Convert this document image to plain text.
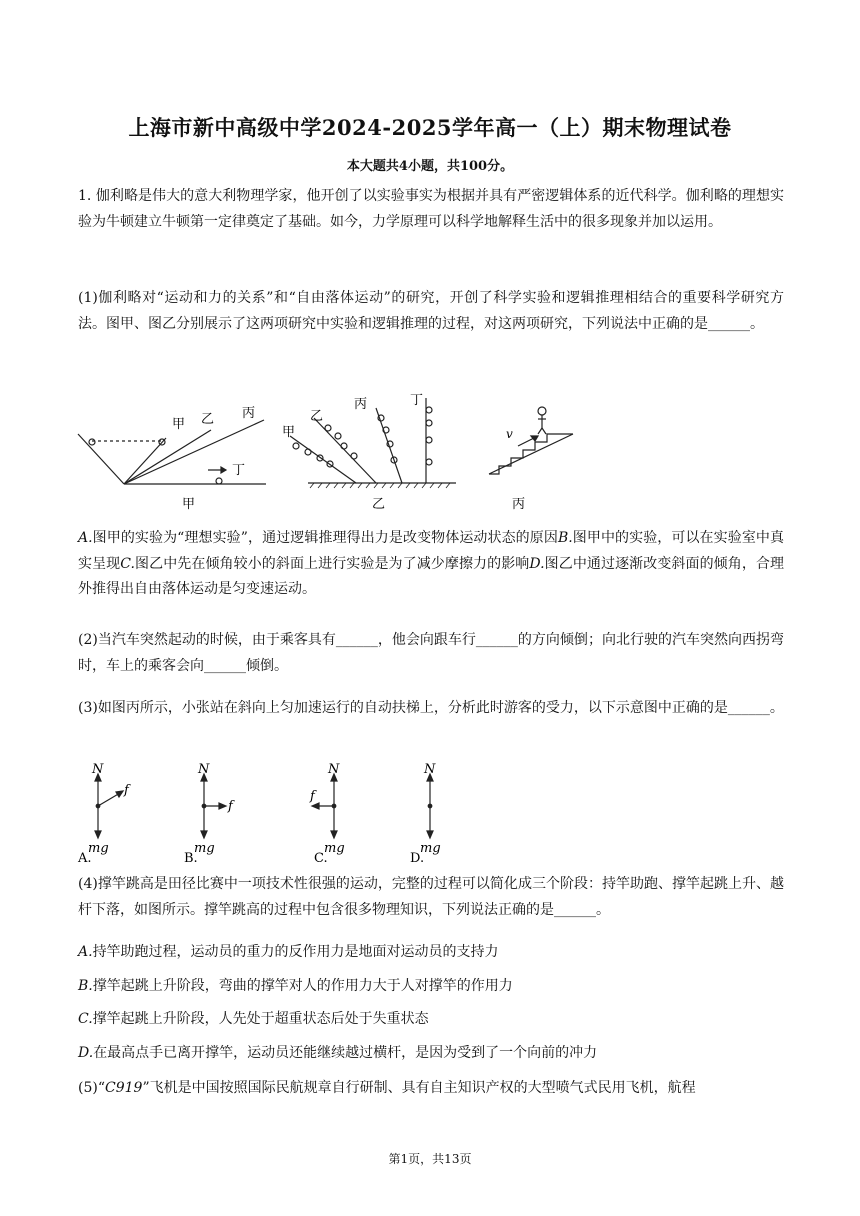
上海市新中高级中学2024-2025学年高一（上）期末物理试卷
本大题共4小题，共100分。

1. 伽利略是伟大的意大利物理学家，他开创了以实验事实为根据并具有严密逻辑体系的近代科学。伽利略的理想实验为牛顿建立牛顿第一定律奠定了基础。如今，力学原理可以科学地解释生活中的很多现象并加以运用。

(1)伽利略对“运动和力的关系”和“自由落体运动”的研究，开创了科学实验和逻辑推理相结合的重要科学研究方法。图甲、图乙分别展示了这两项研究中实验和逻辑推理的过程，对这两项研究，下列说法中正确的是______。

甲 乙 丙
丁
甲
甲
乙
丙	丁
乙
v
丙

A.图甲的实验为“理想实验”，通过逻辑推理得出力是改变物体运动状态的原因B.图甲中的实验，可以在实验室中真实呈现C.图乙中先在倾角较小的斜面上进行实验是为了减少摩擦力的影响D.图乙中通过逐渐改变斜面的倾角，合理外推得出自由落体运动是匀变速运动。

(2)当汽车突然起动的时候，由于乘客具有______，他会向跟车行______的方向倾倒；向北行驶的汽车突然向西拐弯时，车上的乘客会向______倾倒。

(3)如图丙所示，小张站在斜向上匀加速运行的自动扶梯上，分析此时游客的受力，以下示意图中正确的是______。

N
f
mg
A.
N
f
mg
B.
N
f
mg
C.
N
mg
D.

(4)撑竿跳高是田径比赛中一项技术性很强的运动，完整的过程可以简化成三个阶段：持竿助跑、撑竿起跳上升、越杆下落，如图所示。撑竿跳高的过程中包含很多物理知识，下列说法正确的是______。

A.持竿助跑过程，运动员的重力的反作用力是地面对运动员的支持力

B.撑竿起跳上升阶段，弯曲的撑竿对人的作用力大于人对撑竿的作用力

C.撑竿起跳上升阶段，人先处于超重状态后处于失重状态

D.在最高点手已离开撑竿，运动员还能继续越过横杆，是因为受到了一个向前的冲力

(5)“C919”飞机是中国按照国际民航规章自行研制、具有自主知识产权的大型喷气式民用飞机，航程

第1页，共13页
